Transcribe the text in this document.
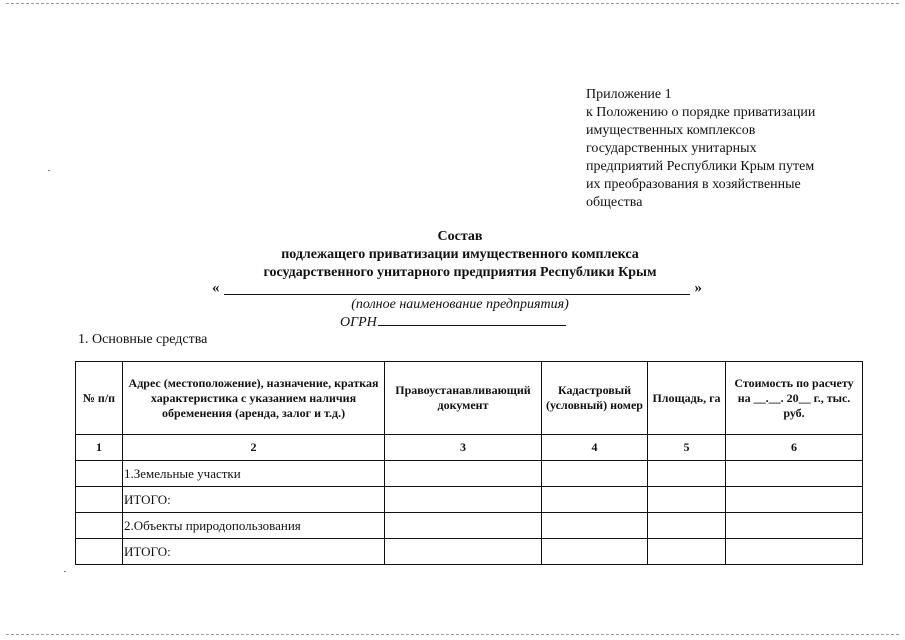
Приложение 1
к Положению о порядке приватизации
имущественных комплексов
государственных унитарных
предприятий Республики Крым путем
их преобразования в хозяйственные
общества
Состав
подлежащего приватизации имущественного комплекса
государственного унитарного предприятия Республики Крым
«	»
(полное наименование предприятия)
ОГРН
1. Основные средства
№ п/п	Адрес (местоположение), назначение, краткая характеристика с указанием наличия обременения (аренда, залог и т.д.)	Правоустанавливающий документ	Кадастровый (условный) номер	Площадь, га	Стоимость по расчету на __.__. 20__ г., тыс. руб.
1	2	3	4	5	6
	1.Земельные участки				
	ИТОГО:				
	2.Объекты природопользования				
	ИТОГО:				
